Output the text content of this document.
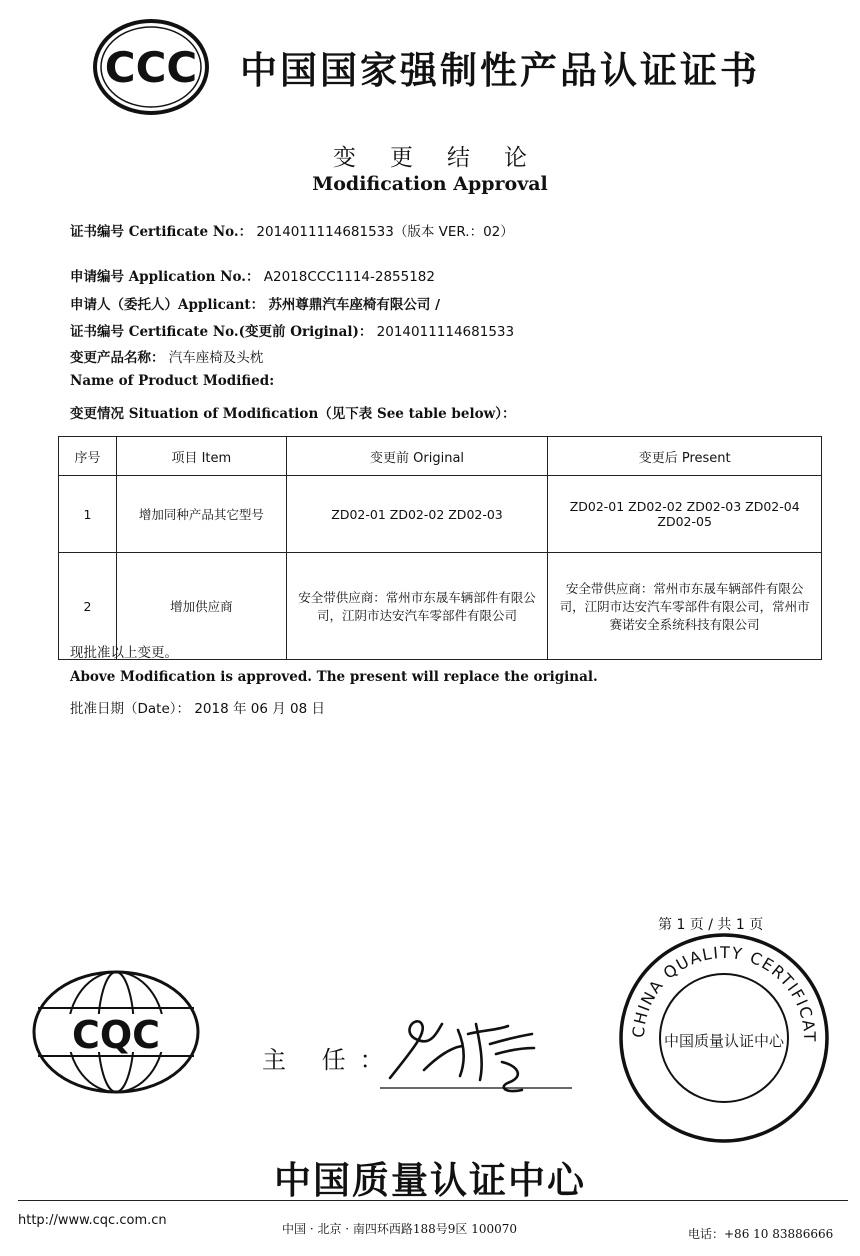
CCC 中国国家强制性产品认证证书
变更结论
Modification Approval
证书编号 Certificate No.： 2014011114681533（版本 VER.：02）
申请编号 Application No.： A2018CCC1114-2855182
申请人（委托人）Applicant： 苏州尊鼎汽车座椅有限公司 /
证书编号 Certificate No.(变更前 Original)： 2014011114681533
变更产品名称： 汽车座椅及头枕
Name of Product Modified:
变更情况 Situation of Modification（见下表 See table below）：
序号	项目 Item	变更前 Original	变更后 Present
1	增加同种产品其它型号	ZD02-01 ZD02-02 ZD02-03	ZD02-01 ZD02-02 ZD02-03 ZD02-04 ZD02-05
2	增加供应商	安全带供应商：常州市东晟车辆部件有限公司，江阴市达安汽车零部件有限公司	安全带供应商：常州市东晟车辆部件有限公司，江阴市达安汽车零部件有限公司，常州市赛诺安全系统科技有限公司
现批准以上变更。
Above Modification is approved. The present will replace the original.
批准日期（Date）： 2018 年 06 月 08 日
第 1 页 / 共 1 页
CQC
主 任：
CHINA QUALITY CERTIFICAT
中国质量认证中心
中国质量认证中心
http://www.cqc.com.cn
中国 · 北京 · 南四环西路188号9区 100070	电话：+86 10 83886666
